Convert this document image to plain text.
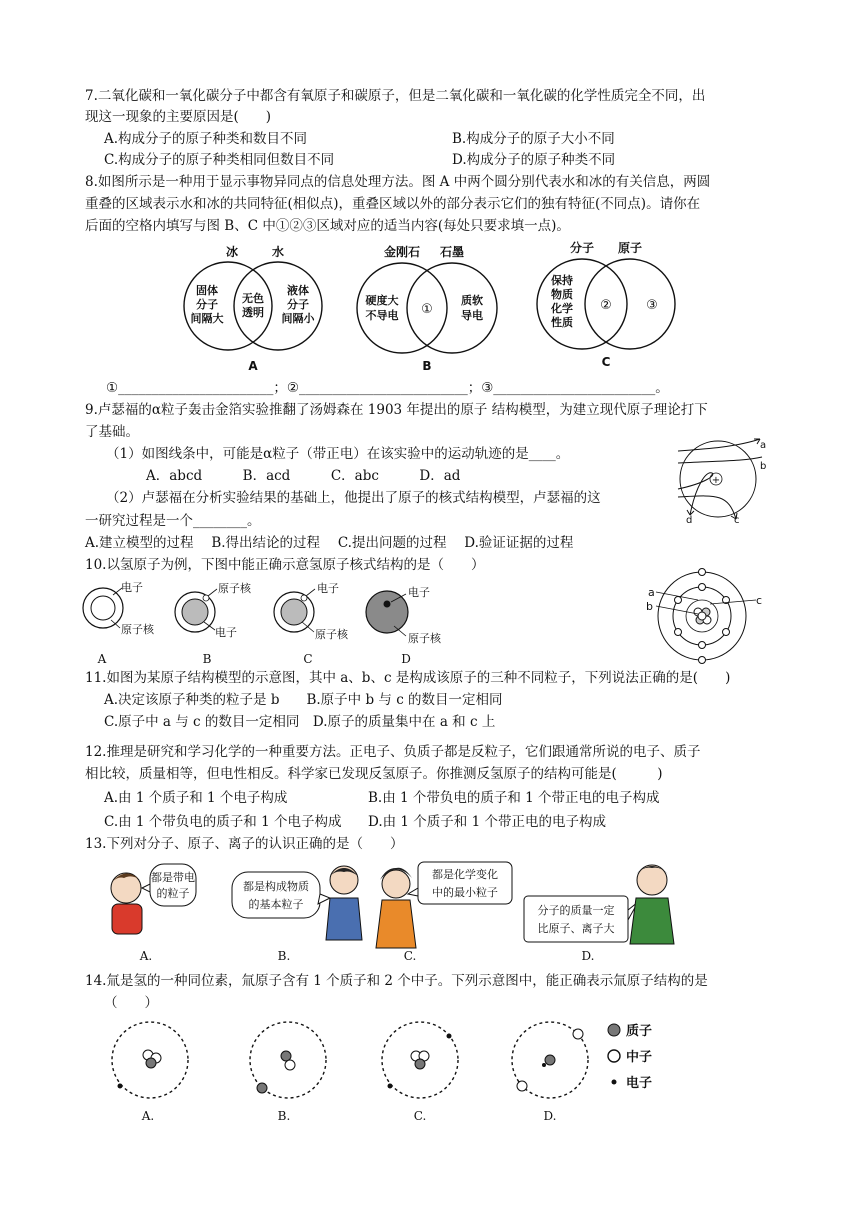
7.二氧化碳和一氧化碳分子中都含有氧原子和碳原子，但是二氧化碳和一氧化碳的化学性质完全不同，出
现这一现象的主要原因是(　　)
A.构成分子的原子种类和数目不同	B.构成分子的原子大小不同
C.构成分子的原子种类相同但数目不同	D.构成分子的原子种类不同
8.如图所示是一种用于显示事物异同点的信息处理方法。图 A 中两个圆分别代表水和冰的有关信息，两圆
重叠的区域表示水和冰的共同特征(相似点)，重叠区域以外的部分表示它们的独有特征(不同点)。请你在
后面的空格内填写与图 B、C 中①②③区域对应的适当内容(每处只要求填一点)。
冰	水
固体
分子
间隔大
无色
透明
液体
分子
间隔小
A
金刚石 石墨
硬度大
不导电 ①
质软
导电
B
分子 原子
保持
物质
化学
性质
②	③
C
①_______________________；②_________________________；③________________________。
9.卢瑟福的α粒子轰击金箔实验推翻了汤姆森在 1903 年提出的原子 结构模型，为建立现代原子理论打下
了基础。
（1）如图线条中，可能是α粒子（带正电）在该实验中的运动轨迹的是____。
A．abcd　　　B．acd　　　C．abc　　　D．ad
（2）卢瑟福在分析实验结果的基础上，他提出了原子的核式结构模型，卢瑟福的这
一研究过程是一个________。
A.建立模型的过程　 B.得出结论的过程　 C.提出问题的过程　 D.验证证据的过程
+
a
b
c
d
10.以氢原子为例，下图中能正确示意氢原子核式结构的是（　　）
电子
原子核
A
原子核
电子
B
电子
原子核
C
电子
原子核
D
a
b	c
11.如图为某原子结构模型的示意图，其中 a、b、c 是构成该原子的三种不同粒子，下列说法正确的是(　　)
A.决定该原子种类的粒子是 b　　B.原子中 b 与 c 的数目一定相同
C.原子中 a 与 c 的数目一定相同　D.原子的质量集中在 a 和 c 上
12.推理是研究和学习化学的一种重要方法。正电子、负质子都是反粒子，它们跟通常所说的电子、质子
相比较，质量相等，但电性相反。科学家已发现反氢原子。你推测反氢原子的结构可能是(　　　)
A.由 1 个质子和 1 个电子构成	B.由 1 个带负电的质子和 1 个带正电的电子构成
C.由 1 个带负电的质子和 1 个电子构成 D.由 1 个质子和 1 个带正电的电子构成
13.下列对分子、原子、离子的认识正确的是（　　）
都是带电
的粒子
A.
都是构成物质
的基本粒子
B.
都是化学变化
中的最小粒子
C.
分子的质量一定
比原子、离子大
D.
14.氚是氢的一种同位素，氚原子含有 1 个质子和 2 个中子。下列示意图中，能正确表示氚原子结构的是
（　　）
A.	B.	C.	D.
质子
中子
电子
